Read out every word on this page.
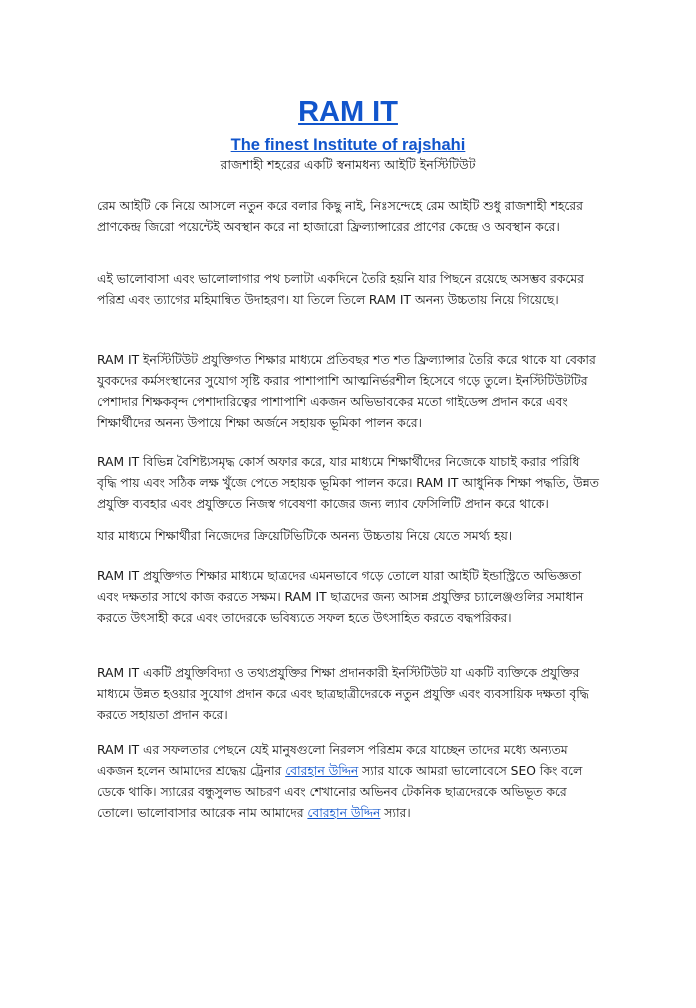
RAM IT
The finest Institute of rajshahi
রাজশাহী শহরের একটি স্বনামধন্য আইটি ইনস্টিটিউট

রেম আইটি কে নিয়ে আসলে নতুন করে বলার কিছু নাই, নিঃসন্দেহে রেম আইটি শুধু রাজশাহী শহরের প্রাণকেন্দ্র জিরো পয়েন্টেই অবস্থান করে না হাজারো ফ্রিল্যান্সারের প্রাণের কেন্দ্রে ও অবস্থান করে।

এই ভালোবাসা এবং ভালোলাগার পথ চলাটা একদিনে তৈরি হয়নি যার পিছনে রয়েছে অসম্ভব রকমের পরিশ্র এবং ত্যাগের মহিমান্বিত উদাহরণ। যা তিলে তিলে RAM IT অনন্য উচ্চতায় নিয়ে গিয়েছে।

RAM IT ইনস্টিটিউট প্রযুক্তিগত শিক্ষার মাধ্যমে প্রতিবছর শত শত ফ্রিল্যান্সার তৈরি করে থাকে যা বেকার যুবকদের কর্মসংস্থানের সুযোগ সৃষ্টি করার পাশাপাশি আত্মনির্ভরশীল হিসেবে গড়ে তুলে। ইনস্টিটিউটটির পেশাদার শিক্ষকবৃন্দ পেশাদারিত্বের পাশাপাশি একজন অভিভাবকের মতো গাইডেন্স প্রদান করে এবং শিক্ষার্থীদের অনন্য উপায়ে শিক্ষা অর্জনে সহায়ক ভূমিকা পালন করে।

RAM IT বিভিন্ন বৈশিষ্ট্যসমৃদ্ধ কোর্স অফার করে, যার মাধ্যমে শিক্ষার্থীদের নিজেকে যাচাই করার পরিধি বৃদ্ধি পায় এবং সঠিক লক্ষ খুঁজে পেতে সহায়ক ভূমিকা পালন করে। RAM IT আধুনিক শিক্ষা পদ্ধতি, উন্নত প্রযুক্তি ব্যবহার এবং প্রযুক্তিতে নিজস্ব গবেষণা কাজের জন্য ল্যাব ফেসিলিটি প্রদান করে থাকে।

যার মাধ্যমে শিক্ষার্থীরা নিজেদের ক্রিয়েটিভিটিকে অনন্য উচ্চতায় নিয়ে যেতে সমর্থ্য হয়।

RAM IT প্রযুক্তিগত শিক্ষার মাধ্যমে ছাত্রদের এমনভাবে গড়ে তোলে যারা আইটি ইন্ডাস্ট্রিতে অভিজ্ঞতা এবং দক্ষতার সাথে কাজ করতে সক্ষম। RAM IT ছাত্রদের জন্য আসন্ন প্রযুক্তির চ্যালেঞ্জগুলির সমাধান করতে উৎসাহী করে এবং তাদেরকে ভবিষ্যতে সফল হতে উৎসাহিত করতে বদ্ধপরিকর।

RAM IT একটি প্রযুক্তিবিদ্যা ও তথ্যপ্রযুক্তির শিক্ষা প্রদানকারী ইনস্টিটিউট যা একটি ব্যক্তিকে প্রযুক্তির মাধ্যমে উন্নত হওয়ার সুযোগ প্রদান করে এবং ছাত্রছাত্রীদেরকে নতুন প্রযুক্তি এবং ব্যবসায়িক দক্ষতা বৃদ্ধি করতে সহায়তা প্রদান করে।

RAM IT এর সফলতার পেছনে যেই মানুষগুলো নিরলস পরিশ্রম করে যাচ্ছেন তাদের মধ্যে অন্যতম একজন হলেন আমাদের শ্রদ্ধেয় ট্রেনার বোরহান উদ্দিন স্যার যাকে আমরা ভালোবেসে SEO কিং বলে ডেকে থাকি। স্যারের বন্ধুসুলভ আচরণ এবং শেখানোর অভিনব টেকনিক ছাত্রদেরকে অভিভূত করে তোলে। ভালোবাসার আরেক নাম আমাদের বোরহান উদ্দিন স্যার।
